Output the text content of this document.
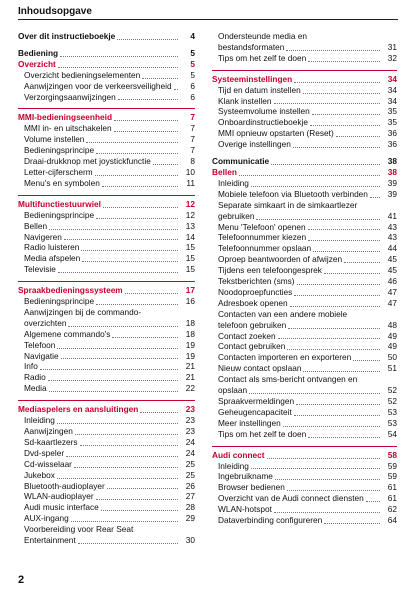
Inhoudsopgave
Over dit instructieboekje	4
Bediening	5
Overzicht	5
Overzicht bedieningselementen	5
Aanwijzingen voor de verkeersveiligheid	6
Verzorgingsaanwijzingen	6
MMI-bedieningseenheid	7
MMI in- en uitschakelen	7
Volume instellen	7
Bedieningsprincipe	7
Draai-drukknop met joystickfunctie	8
Letter-cijferscherm	10
Menu's en symbolen	11
Multifunctiestuurwiel	12
Bedieningsprincipe	12
Bellen	13
Navigeren	14
Radio luisteren	15
Media afspelen	15
Televisie	15
Spraakbedieningssysteem	17
Bedieningsprincipe	16
Aanwijzingen bij de commando-
overzichten	18
Algemene commando's	18
Telefoon	19
Navigatie	19
Info	21
Radio	21
Media	22
Mediaspelers en aansluitingen	23
Inleiding	23
Aanwijzingen	23
Sd-kaartlezers	24
Dvd-speler	24
Cd-wisselaar	25
Jukebox	25
Bluetooth-audioplayer	26
WLAN-audioplayer	27
Audi music interface	28
AUX-ingang	29
Voorbereiding voor Rear Seat
Entertainment	30
Ondersteunde media en
bestandsformaten	31
Tips om het zelf te doen	32
Systeeminstellingen	34
Tijd en datum instellen	34
Klank instellen	34
Systeemvolume instellen	35
Onboardinstructieboekje	35
MMI opnieuw opstarten (Reset)	36
Overige instellingen	36
Communicatie	38
Bellen	38
Inleiding	39
Mobiele telefoon via Bluetooth verbinden	39
Separate simkaart in de simkaartlezer
gebruiken	41
Menu 'Telefoon' openen	43
Telefoonnummer kiezen	43
Telefoonnummer opslaan	44
Oproep beantwoorden of afwijzen	45
Tijdens een telefoongesprek	45
Tekstberichten (sms)	46
Noodoproepfuncties	47
Adresboek openen	47
Contacten van een andere mobiele
telefoon gebruiken	48
Contact zoeken	49
Contact gebruiken	49
Contacten importeren en exporteren	50
Nieuw contact opslaan	51
Contact als sms-bericht ontvangen en
opslaan	52
Spraakvermeldingen	52
Geheugencapaciteit	53
Meer instellingen	53
Tips om het zelf te doen	54
Audi connect	58
Inleiding	59
Ingebruikname	59
Browser bedienen	61
Overzicht van de Audi connect diensten	61
WLAN-hotspot	62
Dataverbinding configureren	64
2
